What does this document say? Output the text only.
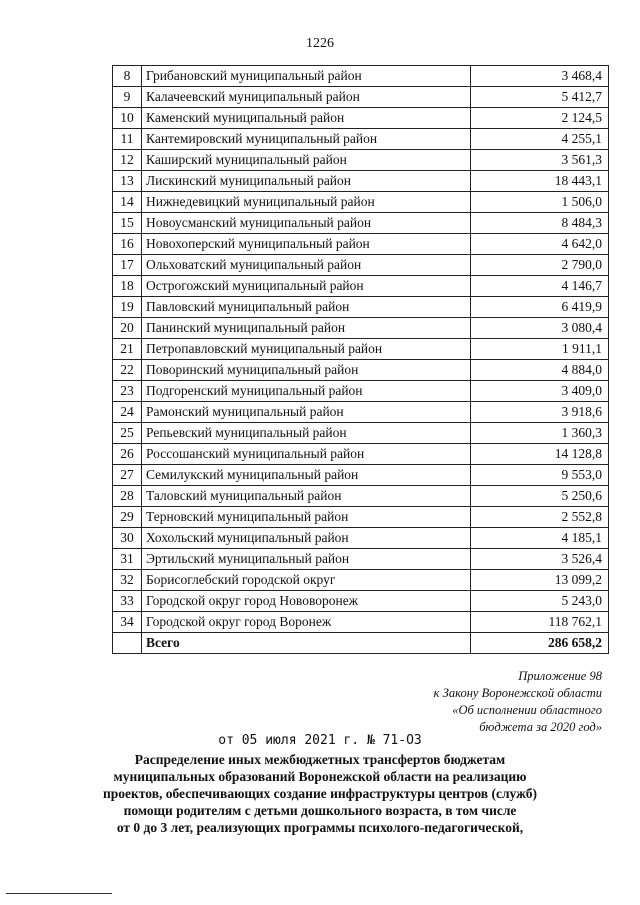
1226
8	Грибановский муниципальный район	3 468,4
9	Калачеевский муниципальный район	5 412,7
10	Каменский муниципальный район	2 124,5
11	Кантемировский муниципальный район	4 255,1
12	Каширский муниципальный район	3 561,3
13	Лискинский муниципальный район	18 443,1
14	Нижнедевицкий муниципальный район	1 506,0
15	Новоусманский муниципальный район	8 484,3
16	Новохоперский муниципальный район	4 642,0
17	Ольховатский муниципальный район	2 790,0
18	Острогожский муниципальный район	4 146,7
19	Павловский муниципальный район	6 419,9
20	Панинский муниципальный район	3 080,4
21	Петропавловский муниципальный район	1 911,1
22	Поворинский муниципальный район	4 884,0
23	Подгоренский муниципальный район	3 409,0
24	Рамонский муниципальный район	3 918,6
25	Репьевский муниципальный район	1 360,3
26	Россошанский муниципальный район	14 128,8
27	Семилукский муниципальный район	9 553,0
28	Таловский муниципальный район	5 250,6
29	Терновский муниципальный район	2 552,8
30	Хохольский муниципальный район	4 185,1
31	Эртильский муниципальный район	3 526,4
32	Борисоглебский городской округ	13 099,2
33	Городской округ город Нововоронеж	5 243,0
34	Городской округ город Воронеж	118 762,1
	Всего	286 658,2
Приложение 98
к Закону Воронежской области
«Об исполнении областного
бюджета за 2020 год»
от 05 июля 2021 г. № 71-ОЗ
Распределение иных межбюджетных трансфертов бюджетам
муниципальных образований Воронежской области на реализацию
проектов, обеспечивающих создание инфраструктуры центров (служб)
помощи родителям с детьми дошкольного возраста, в том числе
от 0 до 3 лет, реализующих программы психолого-педагогической,
